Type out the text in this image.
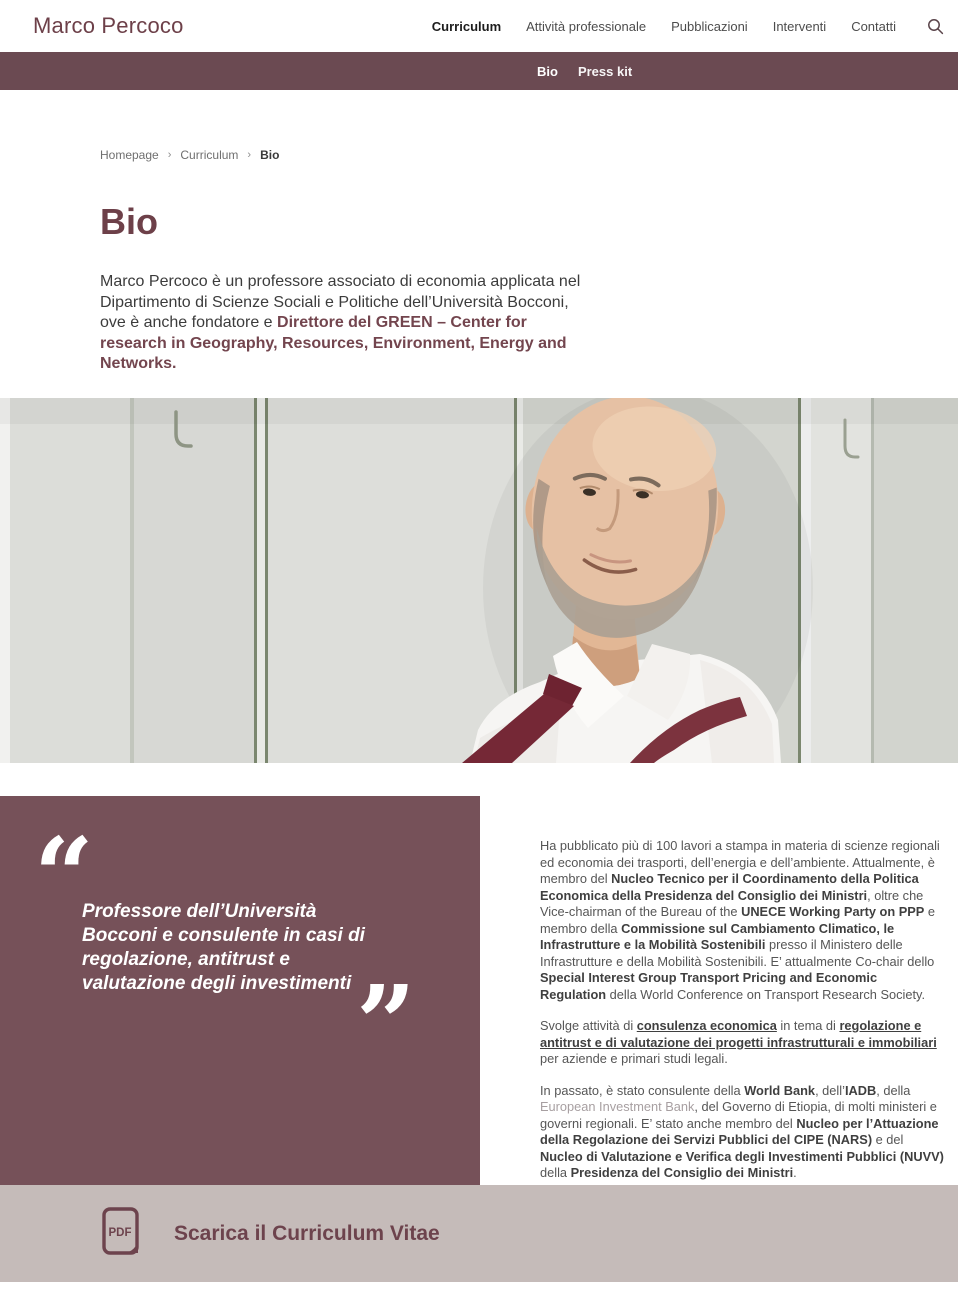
Marco Percoco	Curriculum Attività professionale Pubblicazioni Interventi Contatti
Bio Press kit
Homepage › Curriculum › Bio
Bio
Marco Percoco è un professore associato di economia applicata nel Dipartimento di Scienze Sociali e Politiche dell’Università Bocconi, ove è anche fondatore e Direttore del GREEN – Center for research in Geography, Resources, Environment, Energy and Networks.
“
Professore dell’Università Bocconi e consulente in casi di regolazione, antitrust e valutazione degli investimenti ”

Ha pubblicato più di 100 lavori a stampa in materia di scienze regionali ed economia dei trasporti, dell’energia e dell’ambiente. Attualmente, è membro del Nucleo Tecnico per il Coordinamento della Politica Economica della Presidenza del Consiglio dei Ministri, oltre che Vice-chairman of the Bureau of the UNECE Working Party on PPP e membro della Commissione sul Cambiamento Climatico, le Infrastrutture e la Mobilità Sostenibili presso il Ministero delle Infrastrutture e della Mobilità Sostenibili. E’ attualmente Co-chair dello Special Interest Group Transport Pricing and Economic Regulation della World Conference on Transport Research Society.

Svolge attività di consulenza economica in tema di regolazione e antitrust e di valutazione dei progetti infrastrutturali e immobiliari per aziende e primari studi legali.

In passato, è stato consulente della World Bank, dell’IADB, della European Investment Bank, del Governo di Etiopia, di molti ministeri e governi regionali. E’ stato anche membro del Nucleo per l’Attuazione della Regolazione dei Servizi Pubblici del CIPE (NARS) e del Nucleo di Valutazione e Verifica degli Investimenti Pubblici (NUVV) della Presidenza del Consiglio dei Ministri.

PDF Scarica il Curriculum Vitae
